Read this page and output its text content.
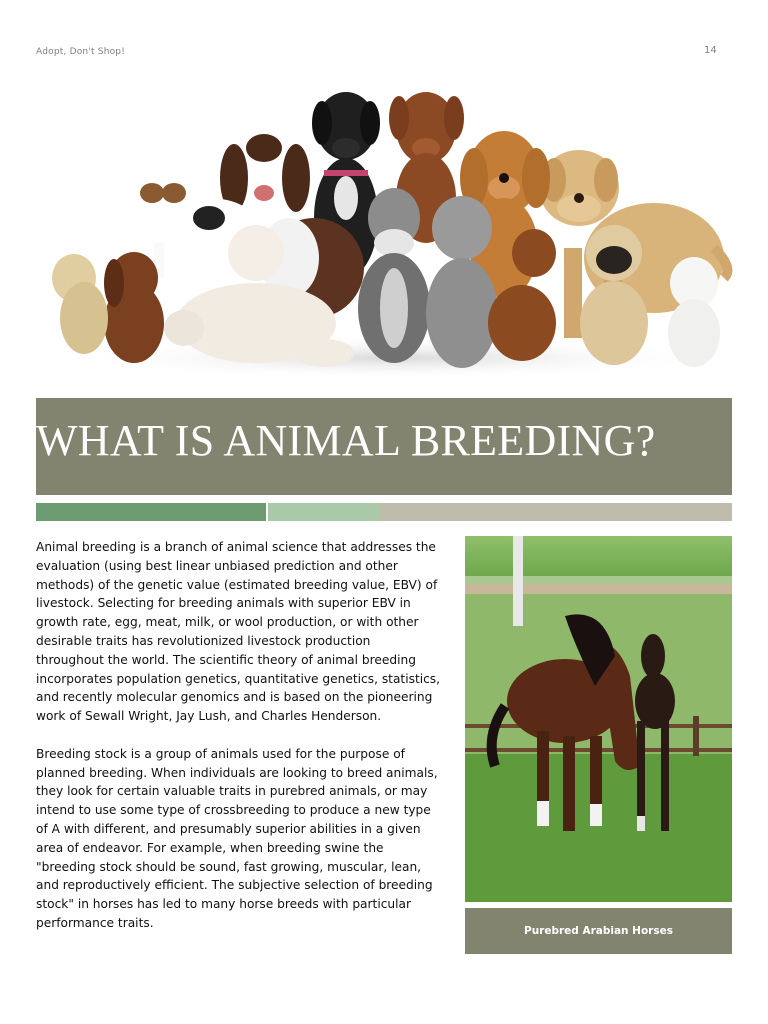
Adopt, Don't Shop!	14
WHAT IS ANIMAL BREEDING?

Animal breeding is a branch of animal science that addresses the evaluation (using best linear unbiased prediction and other methods) of the genetic value (estimated breeding value, EBV) of livestock. Selecting for breeding animals with superior EBV in growth rate, egg, meat, milk, or wool production, or with other desirable traits has revolutionized livestock production throughout the world. The scientific theory of animal breeding incorporates population genetics, quantitative genetics, statistics, and recently molecular genomics and is based on the pioneering work of Sewall Wright, Jay Lush, and Charles Henderson.

Breeding stock is a group of animals used for the purpose of planned breeding. When individuals are looking to breed animals, they look for certain valuable traits in purebred animals, or may intend to use some type of crossbreeding to produce a new type of A with different, and presumably superior abilities in a given area of endeavor. For example, when breeding swine the "breeding stock should be sound, fast growing, muscular, lean, and reproductively efficient. The subjective selection of breeding stock" in horses has led to many horse breeds with particular performance traits.

Purebred Arabian Horses
